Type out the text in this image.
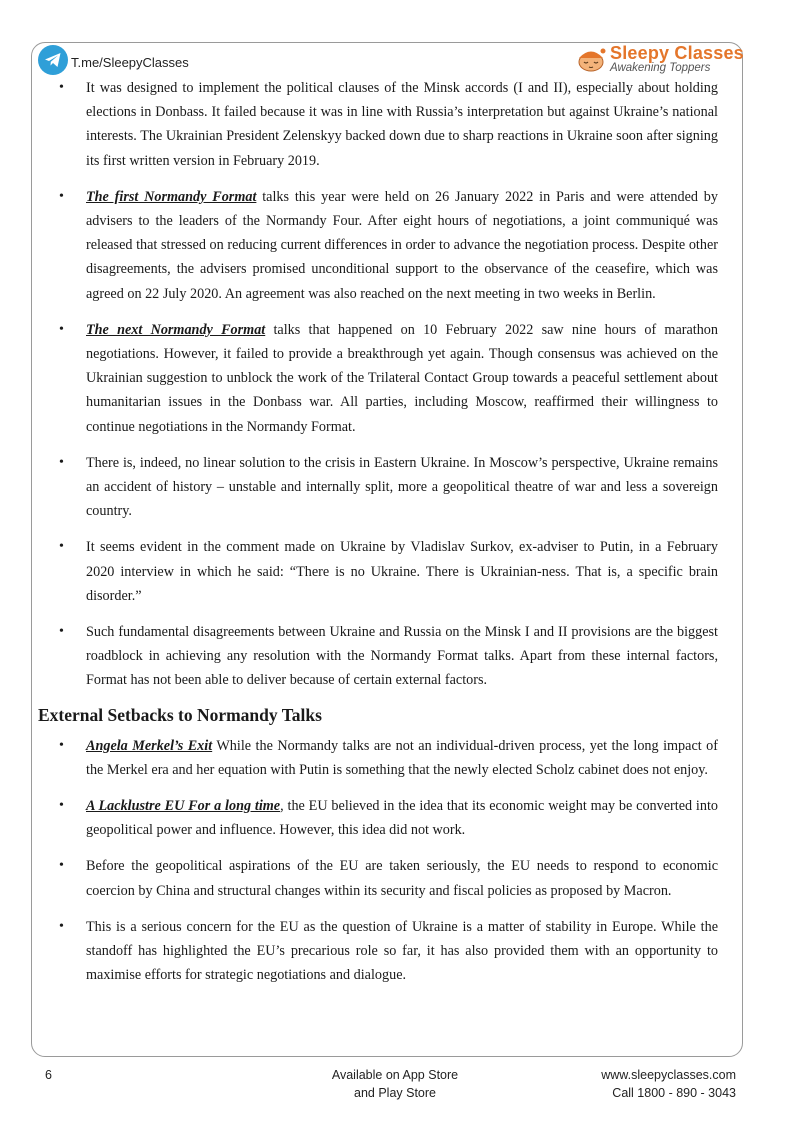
T.me/SleepyClasses	Sleepy Classes
Awakening Toppers
• It was designed to implement the political clauses of the Minsk accords (I and II), especially about holding elections in Donbass. It failed because it was in line with Russia’s interpretation but against Ukraine’s national interests. The Ukrainian President Zelenskyy backed down due to sharp reactions in Ukraine soon after signing its first written version in February 2019.
• The first Normandy Format talks this year were held on 26 January 2022 in Paris and were attended by advisers to the leaders of the Normandy Four. After eight hours of negotiations, a joint communiqué was released that stressed on reducing current differences in order to advance the negotiation process. Despite other disagreements, the advisers promised unconditional support to the observance of the ceasefire, which was agreed on 22 July 2020. An agreement was also reached on the next meeting in two weeks in Berlin.
• The next Normandy Format talks that happened on 10 February 2022 saw nine hours of marathon negotiations. However, it failed to provide a breakthrough yet again. Though consensus was achieved on the Ukrainian suggestion to unblock the work of the Trilateral Contact Group towards a peaceful settlement about humanitarian issues in the Donbass war. All parties, including Moscow, reaffirmed their willingness to continue negotiations in the Normandy Format.
• There is, indeed, no linear solution to the crisis in Eastern Ukraine. In Moscow’s perspective, Ukraine remains an accident of history – unstable and internally split, more a geopolitical theatre of war and less a sovereign country.
• It seems evident in the comment made on Ukraine by Vladislav Surkov, ex-adviser to Putin, in a February 2020 interview in which he said: “There is no Ukraine. There is Ukrainian-ness. That is, a specific brain disorder.”
• Such fundamental disagreements between Ukraine and Russia on the Minsk I and II provisions are the biggest roadblock in achieving any resolution with the Normandy Format talks. Apart from these internal factors, Format has not been able to deliver because of certain external factors.
External Setbacks to Normandy Talks
• Angela Merkel’s Exit While the Normandy talks are not an individual-driven process, yet the long impact of the Merkel era and her equation with Putin is something that the newly elected Scholz cabinet does not enjoy.
• A Lacklustre EU For a long time, the EU believed in the idea that its economic weight may be converted into geopolitical power and influence. However, this idea did not work.
• Before the geopolitical aspirations of the EU are taken seriously, the EU needs to respond to economic coercion by China and structural changes within its security and fiscal policies as proposed by Macron.
• This is a serious concern for the EU as the question of Ukraine is a matter of stability in Europe. While the standoff has highlighted the EU’s precarious role so far, it has also provided them with an opportunity to maximise efforts for strategic negotiations and dialogue.
6	Available on App Store
and Play Store
www.sleepyclasses.com
Call 1800 - 890 - 3043
